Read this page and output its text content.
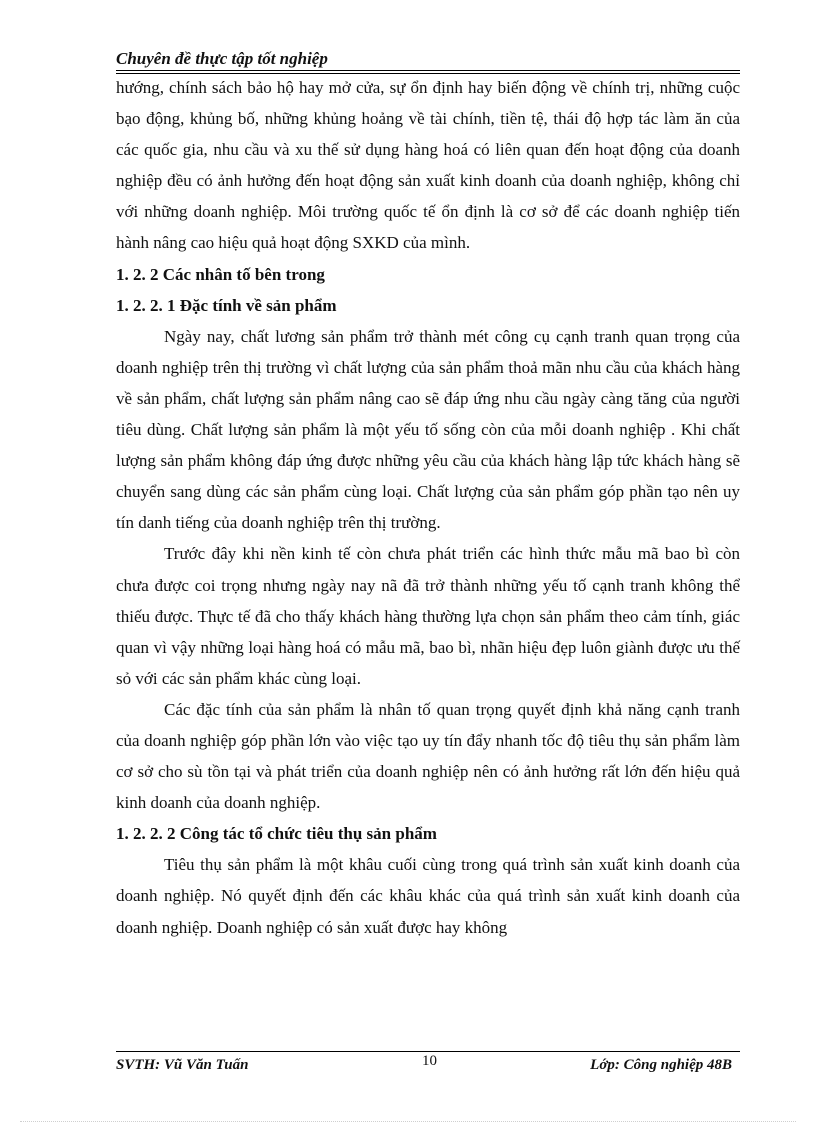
Chuyên đề thực tập tốt nghiệp

hướng, chính sách bảo hộ hay mở cửa, sự ổn định hay biến động về chính trị, những cuộc bạo động, khủng bố, những khủng hoảng về tài chính, tiền tệ, thái độ hợp tác làm ăn của các quốc gia, nhu cầu và xu thế sử dụng hàng hoá có liên quan đến hoạt động của doanh nghiệp đều có ảnh hưởng đến hoạt động sản xuất kinh doanh của doanh nghiệp, không chỉ với những doanh nghiệp. Môi trường quốc tế ổn định là cơ sở để các doanh nghiệp tiến hành nâng cao hiệu quả hoạt động SXKD của mình.

1. 2. 2 Các nhân tố bên trong
1. 2. 2. 1 Đặc tính về sản phẩm

Ngày nay, chất lương sản phẩm trở thành mét công cụ cạnh tranh quan trọng của doanh nghiệp trên thị trường vì chất lượng của sản phẩm thoả mãn nhu cầu của khách hàng về sản phẩm, chất lượng sản phẩm nâng cao sẽ đáp ứng nhu cầu ngày càng tăng của người tiêu dùng. Chất lượng sản phẩm là một yếu tố sống còn của mỗi doanh nghiệp . Khi chất lượng sản phẩm không đáp ứng được những yêu cầu của khách hàng lập tức khách hàng sẽ chuyển sang dùng các sản phẩm cùng loại. Chất lượng của sản phẩm góp phần tạo nên uy tín danh tiếng của doanh nghiệp trên thị trường.

Trước đây khi nền kinh tế còn chưa phát triển các hình thức mẫu mã bao bì còn chưa được coi trọng nhưng ngày nay nã đã trở thành những yếu tố cạnh tranh không thể thiếu được. Thực tế đã cho thấy khách hàng thường lựa chọn sản phẩm theo cảm tính, giác quan vì vậy những loại hàng hoá có mẫu mã, bao bì, nhãn hiệu đẹp luôn giành được ưu thế sỏ với các sản phẩm khác cùng loại.

Các đặc tính của sản phẩm là nhân tố quan trọng quyết định khả năng cạnh tranh của doanh nghiệp góp phần lớn vào việc tạo uy tín đẩy nhanh tốc độ tiêu thụ sản phẩm làm cơ sở cho sù tồn tại và phát triển của doanh nghiệp nên có ảnh hưởng rất lớn đến hiệu quả kinh doanh của doanh nghiệp.

1. 2. 2. 2 Công tác tổ chức tiêu thụ sản phẩm

Tiêu thụ sản phẩm là một khâu cuối cùng trong quá trình sản xuất kinh doanh của doanh nghiệp. Nó quyết định đến các khâu khác của quá trình sản xuất kinh doanh của doanh nghiệp. Doanh nghiệp có sản xuất được hay không

SVTH: Vũ Văn Tuấn	10	Lớp: Công nghiệp 48B
